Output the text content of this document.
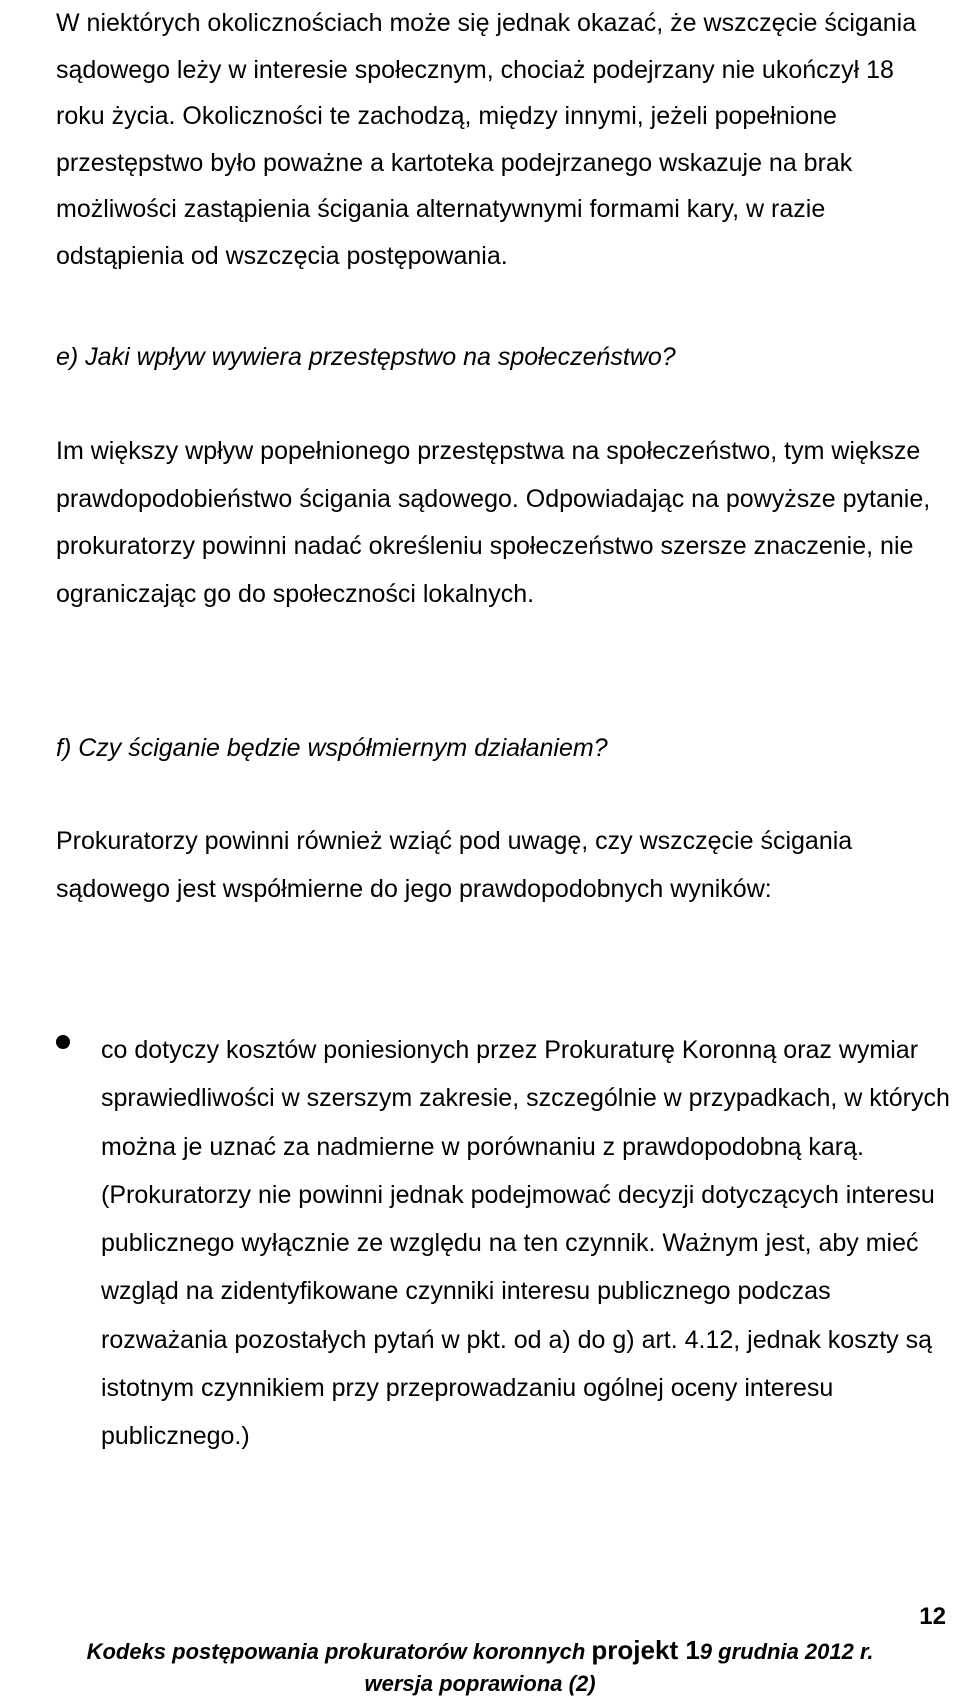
W niektórych okolicznościach może się jednak okazać, że wszczęcie ścigania sądowego leży w interesie społecznym, chociaż podejrzany nie ukończył 18 roku życia. Okoliczności te zachodzą, między innymi, jeżeli popełnione przestępstwo było poważne a kartoteka podejrzanego wskazuje na brak możliwości zastąpienia ścigania alternatywnymi formami kary, w razie odstąpienia od wszczęcia postępowania.

e) Jaki wpływ wywiera przestępstwo na społeczeństwo?

Im większy wpływ popełnionego przestępstwa na społeczeństwo, tym większe prawdopodobieństwo ścigania sądowego. Odpowiadając na powyższe pytanie, prokuratorzy powinni nadać określeniu społeczeństwo szersze znaczenie, nie ograniczając go do społeczności lokalnych.

f) Czy ściganie będzie współmiernym działaniem?

Prokuratorzy powinni również wziąć pod uwagę, czy wszczęcie ścigania sądowego jest współmierne do jego prawdopodobnych wyników:

co dotyczy kosztów poniesionych przez Prokuraturę Koronną oraz wymiar sprawiedliwości w szerszym zakresie, szczególnie w przypadkach, w których można je uznać za nadmierne w porównaniu z prawdopodobną karą. (Prokuratorzy nie powinni jednak podejmować decyzji dotyczących interesu publicznego wyłącznie ze względu na ten czynnik. Ważnym jest, aby mieć wzgląd na zidentyfikowane czynniki interesu publicznego podczas rozważania pozostałych pytań w pkt. od a) do g) art. 4.12, jednak koszty są istotnym czynnikiem przy przeprowadzaniu ogólnej oceny interesu publicznego.)

12
Kodeks postępowania prokuratorów koronnych projekt 19 grudnia 2012 r.
wersja poprawiona (2)
